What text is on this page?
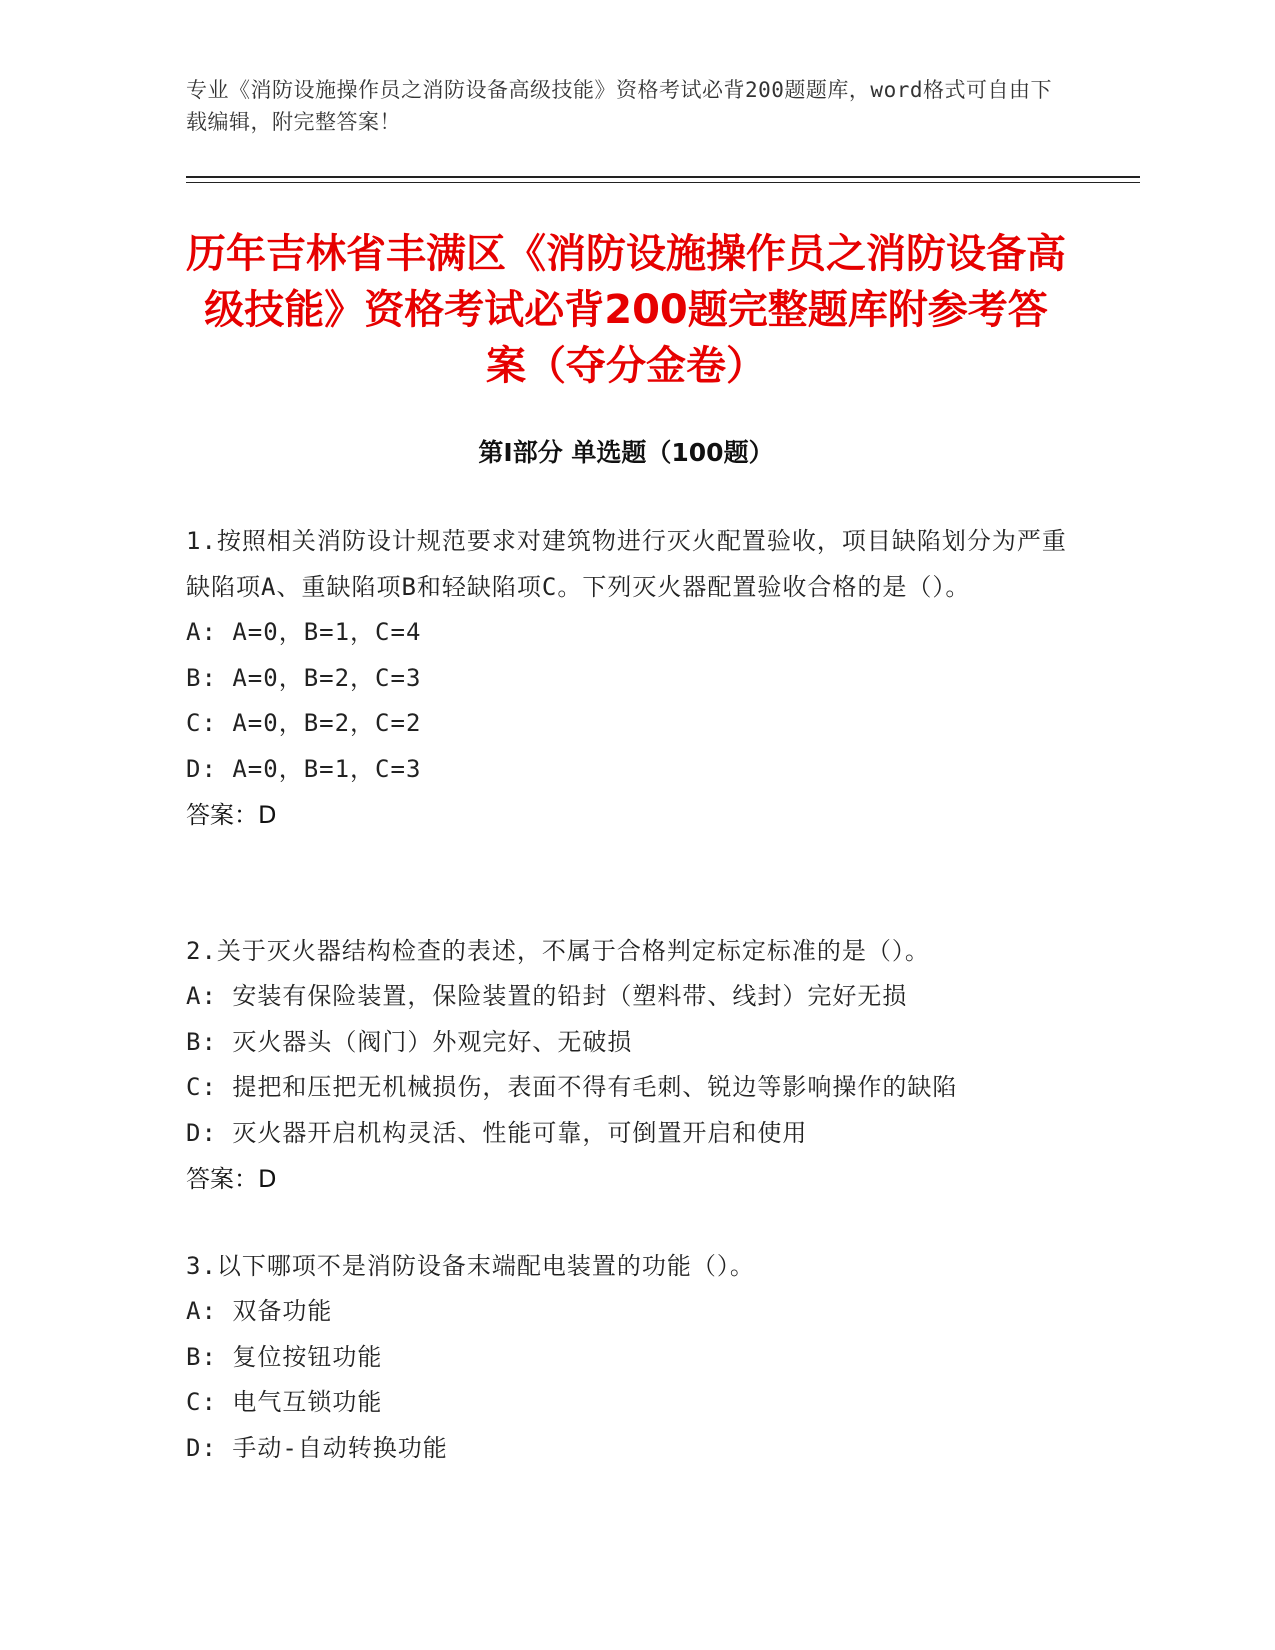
专业《消防设施操作员之消防设备高级技能》资格考试必背200题题库，word格式可自由下载编辑，附完整答案！
历年吉林省丰满区《消防设施操作员之消防设备高级技能》资格考试必背200题完整题库附参考答案（夺分金卷）
第Ⅰ部分 单选题（100题）
1.按照相关消防设计规范要求对建筑物进行灭火配置验收，项目缺陷划分为严重缺陷项A、重缺陷项B和轻缺陷项C。下列灭火器配置验收合格的是（）。
A: A=0，B=1，C=4
B: A=0，B=2，C=3
C: A=0，B=2，C=2
D: A=0，B=1，C=3
答案：D
2.关于灭火器结构检查的表述，不属于合格判定标定标准的是（）。
A: 安装有保险装置，保险装置的铅封（塑料带、线封）完好无损
B: 灭火器头（阀门）外观完好、无破损
C: 提把和压把无机械损伤，表面不得有毛刺、锐边等影响操作的缺陷
D: 灭火器开启机构灵活、性能可靠，可倒置开启和使用
答案：D
3.以下哪项不是消防设备末端配电装置的功能（）。
A: 双备功能
B: 复位按钮功能
C: 电气互锁功能
D: 手动-自动转换功能
